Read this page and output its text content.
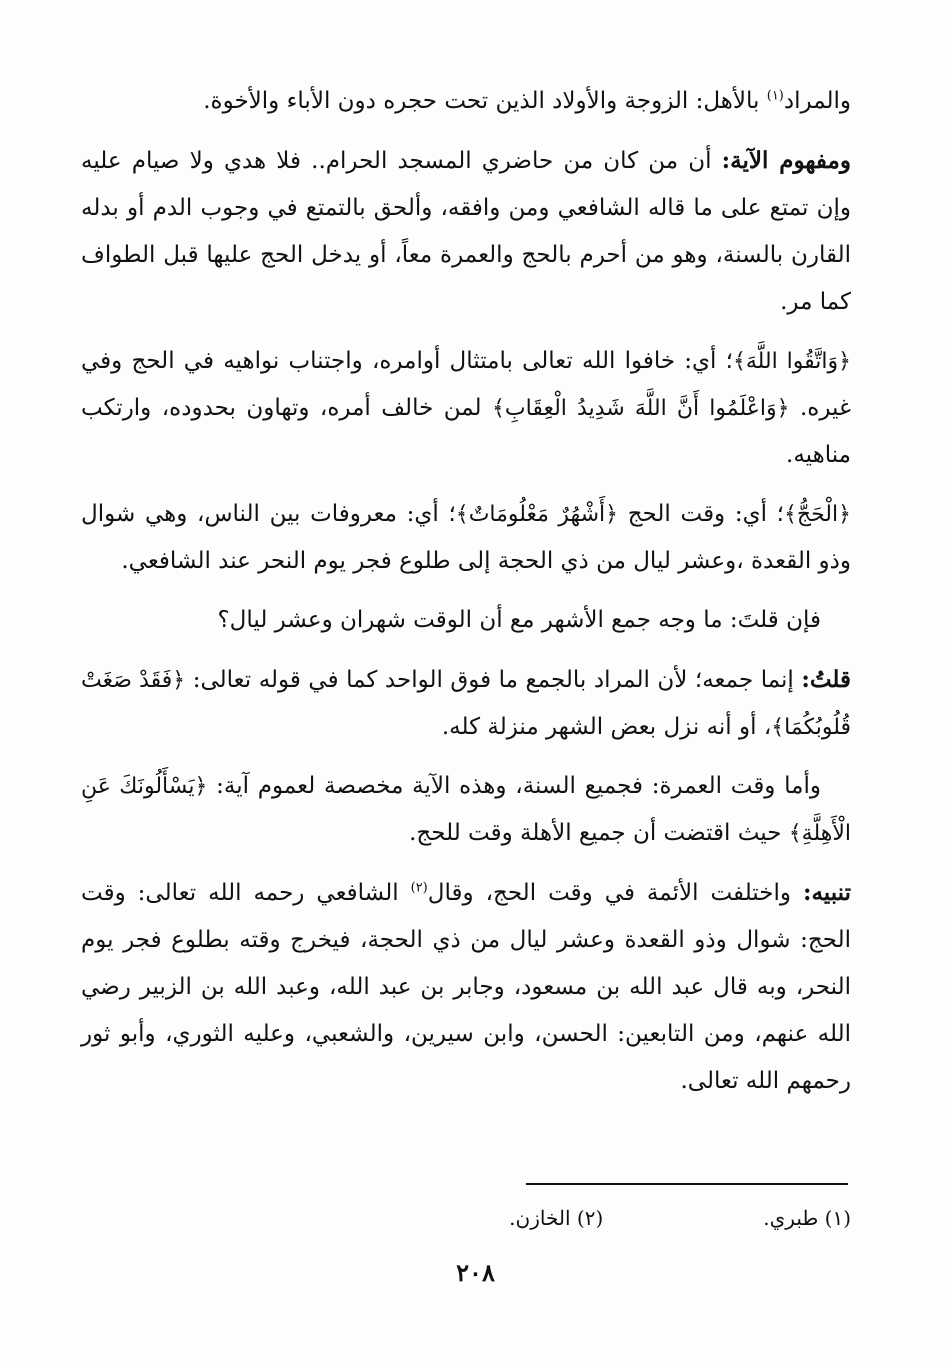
والمراد$^{(١)}$ بالأهل: الزوجة والأولاد الذين تحت حجره دون الأباء والأخوة.

ومفهوم الآية: أن من كان من حاضري المسجد الحرام.. فلا هدي ولا صيام عليه وإن تمتع على ما قاله الشافعي ومن وافقه، وألحق بالتمتع في وجوب الدم أو بدله القارن بالسنة، وهو من أحرم بالحج والعمرة معاً، أو يدخل الحج عليها قبل الطواف كما مر.

﴿وَاتَّقُوا اللَّهَ﴾؛ أي: خافوا الله تعالى بامتثال أوامره، واجتناب نواهيه في الحج وفي غيره. ﴿وَاعْلَمُوا أَنَّ اللَّهَ شَدِيدُ الْعِقَابِ﴾ لمن خالف أمره، وتهاون بحدوده، وارتكب مناهيه.

﴿الْحَجُّ﴾؛ أي: وقت الحج ﴿أَشْهُرٌ مَعْلُومَاتٌ﴾؛ أي: معروفات بين الناس، وهي شوال وذو القعدة ،وعشر ليال من ذي الحجة إلى طلوع فجر يوم النحر عند الشافعي.

فإن قلتَ: ما وجه جمع الأشهر مع أن الوقت شهران وعشر ليال؟

قلتُ: إنما جمعه؛ لأن المراد بالجمع ما فوق الواحد كما في قوله تعالى: ﴿فَقَدْ صَغَتْ قُلُوبُكُمَا﴾، أو أنه نزل بعض الشهر منزلة كله.

وأما وقت العمرة: فجميع السنة، وهذه الآية مخصصة لعموم آية: ﴿يَسْأَلُونَكَ عَنِ الْأَهِلَّةِ﴾ حيث اقتضت أن جميع الأهلة وقت للحج.

تنبيه: واختلفت الأئمة في وقت الحج، وقال$^{(٢)}$ الشافعي رحمه الله تعالى: وقت الحج: شوال وذو القعدة وعشر ليال من ذي الحجة، فيخرج وقته بطلوع فجر يوم النحر، وبه قال عبد الله بن مسعود، وجابر بن عبد الله، وعبد الله بن الزبير رضي الله عنهم، ومن التابعين: الحسن، وابن سيرين، والشعبي، وعليه الثوري، وأبو ثور رحمهم الله تعالى.

(١) طبري.
(٢) الخازن.
٢٠٨
